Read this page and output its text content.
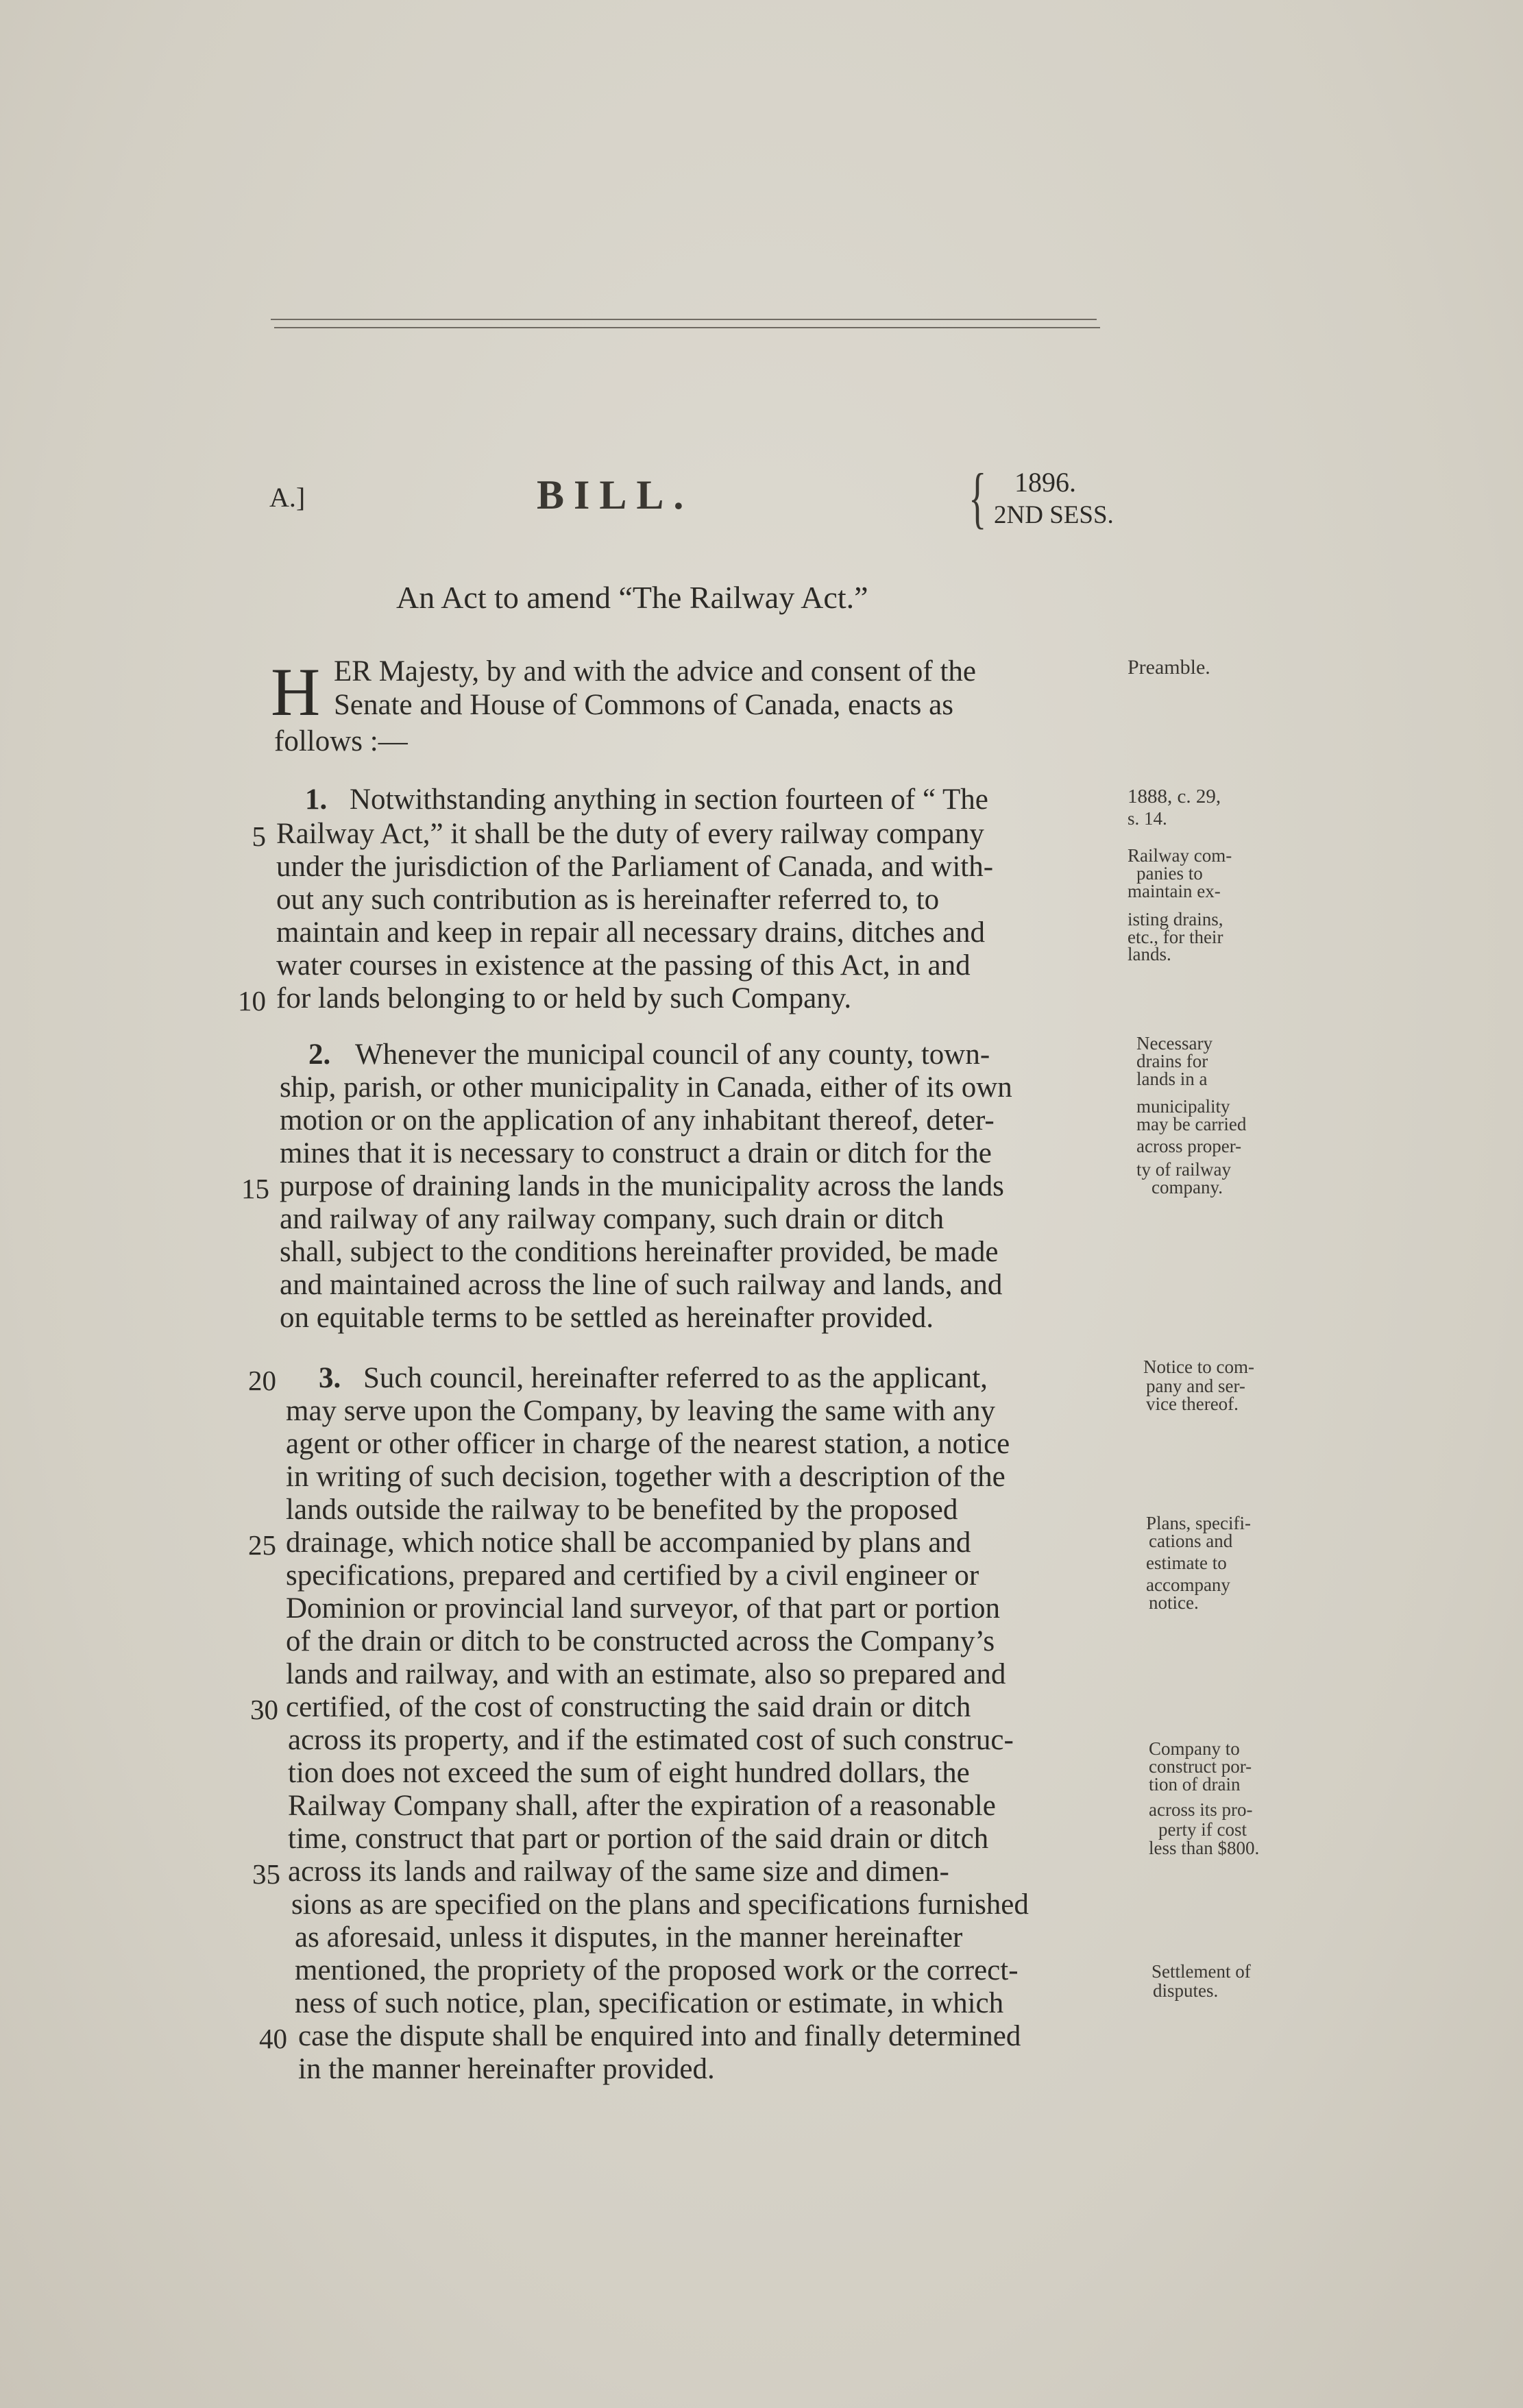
A.]	BILL.	{ 1896.
2ND SESS.
An Act to amend “The Railway Act.”
H ER Majesty, by and with the advice and consent of the
Senate and House of Commons of Canada, enacts as
follows :—
Preamble.
1. Notwithstanding anything in section fourteen of “ The
Railway Act,” it shall be the duty of every railway company
under the jurisdiction of the Parliament of Canada, and with-
out any such contribution as is hereinafter referred to, to
maintain and keep in repair all necessary drains, ditches and
water courses in existence at the passing of this Act, in and
for lands belonging to or held by such Company.
1888, c. 29,
s. 14.
Railway com-
panies to
maintain ex-
isting drains,
etc., for their
lands.
2. Whenever the municipal council of any county, town-
ship, parish, or other municipality in Canada, either of its own
motion or on the application of any inhabitant thereof, deter-
mines that it is necessary to construct a drain or ditch for the
purpose of draining lands in the municipality across the lands
and railway of any railway company, such drain or ditch
shall, subject to the conditions hereinafter provided, be made
and maintained across the line of such railway and lands, and
on equitable terms to be settled as hereinafter provided.
Necessary
drains for
lands in a
municipality
may be carried
across proper-
ty of railway
company.
3. Such council, hereinafter referred to as the applicant,
may serve upon the Company, by leaving the same with any
agent or other officer in charge of the nearest station, a notice
in writing of such decision, together with a description of the
lands outside the railway to be benefited by the proposed
drainage, which notice shall be accompanied by plans and
specifications, prepared and certified by a civil engineer or
Dominion or provincial land surveyor, of that part or portion
of the drain or ditch to be constructed across the Company’s
lands and railway, and with an estimate, also so prepared and
certified, of the cost of constructing the said drain or ditch
across its property, and if the estimated cost of such construc-
tion does not exceed the sum of eight hundred dollars, the
Railway Company shall, after the expiration of a reasonable
time, construct that part or portion of the said drain or ditch
across its lands and railway of the same size and dimen-
sions as are specified on the plans and specifications furnished
as aforesaid, unless it disputes, in the manner hereinafter
mentioned, the propriety of the proposed work or the correct-
ness of such notice, plan, specification or estimate, in which
case the dispute shall be enquired into and finally determined
in the manner hereinafter provided.
Notice to com-
pany and ser-
vice thereof.
Plans, specifi-
cations and
estimate to
accompany
notice.
Company to
construct por-
tion of drain
across its pro-
perty if cost
less than $800.
Settlement of
disputes.
5
10
15
20
25
30
35
40
